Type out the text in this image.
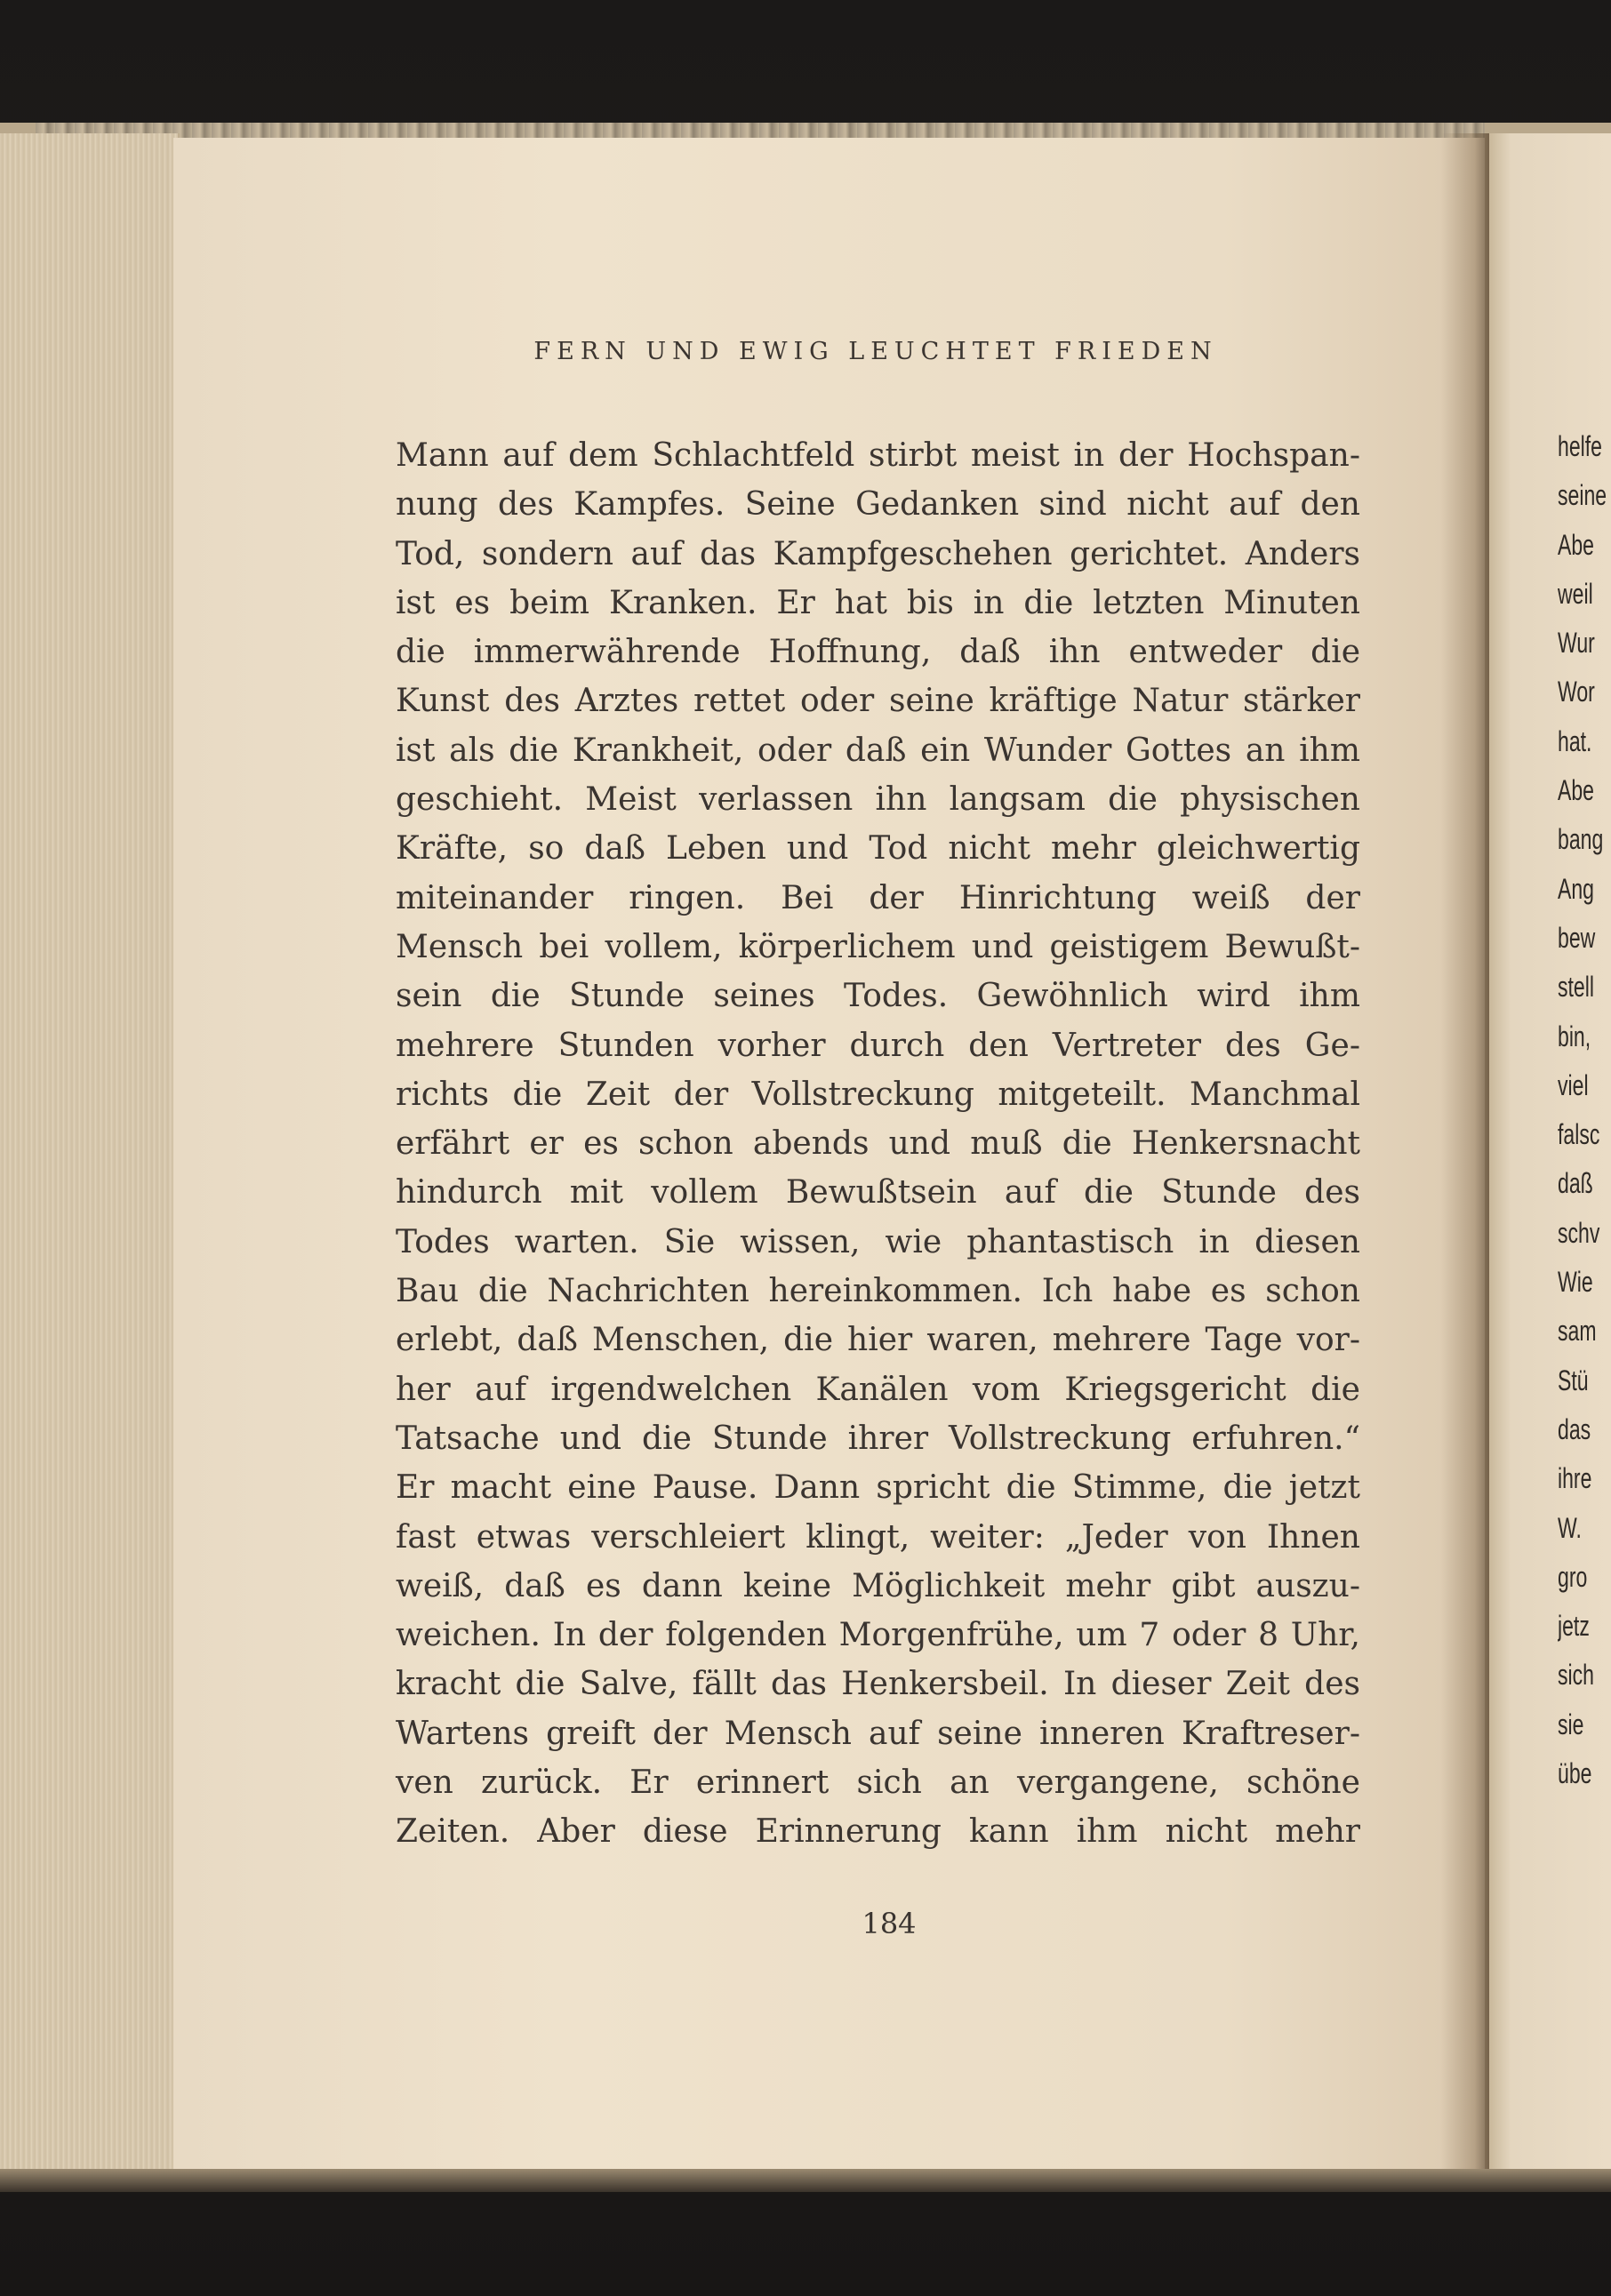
FERN UND EWIG LEUCHTET FRIEDEN
Mann auf dem Schlachtfeld stirbt meist in der Hochspan-
nung des Kampfes. Seine Gedanken sind nicht auf den
Tod, sondern auf das Kampfgeschehen gerichtet. Anders
ist es beim Kranken. Er hat bis in die letzten Minuten
die immerwährende Hoffnung, daß ihn entweder die
Kunst des Arztes rettet oder seine kräftige Natur stärker
ist als die Krankheit, oder daß ein Wunder Gottes an ihm
geschieht. Meist verlassen ihn langsam die physischen
Kräfte, so daß Leben und Tod nicht mehr gleichwertig
miteinander ringen. Bei der Hinrichtung weiß der
Mensch bei vollem, körperlichem und geistigem Bewußt-
sein die Stunde seines Todes. Gewöhnlich wird ihm
mehrere Stunden vorher durch den Vertreter des Ge-
richts die Zeit der Vollstreckung mitgeteilt. Manchmal
erfährt er es schon abends und muß die Henkersnacht
hindurch mit vollem Bewußtsein auf die Stunde des
Todes warten. Sie wissen, wie phantastisch in diesen
Bau die Nachrichten hereinkommen. Ich habe es schon
erlebt, daß Menschen, die hier waren, mehrere Tage vor-
her auf irgendwelchen Kanälen vom Kriegsgericht die
Tatsache und die Stunde ihrer Vollstreckung erfuhren.“
Er macht eine Pause. Dann spricht die Stimme, die jetzt
fast etwas verschleiert klingt, weiter: „Jeder von Ihnen
weiß, daß es dann keine Möglichkeit mehr gibt auszu-
weichen. In der folgenden Morgenfrühe, um 7 oder 8 Uhr,
kracht die Salve, fällt das Henkersbeil. In dieser Zeit des
Wartens greift der Mensch auf seine inneren Kraftreser-
ven zurück. Er erinnert sich an vergangene, schöne
Zeiten. Aber diese Erinnerung kann ihm nicht mehr
184
helfe
seine
Abe
weil
Wur
Wor
hat.
Abe
bang
Ang
bew
stell
bin,
viel
falsc
daß
schv
Wie
sam
Stü
das
ihre
W.
gro
jetz
sich
sie
übe
